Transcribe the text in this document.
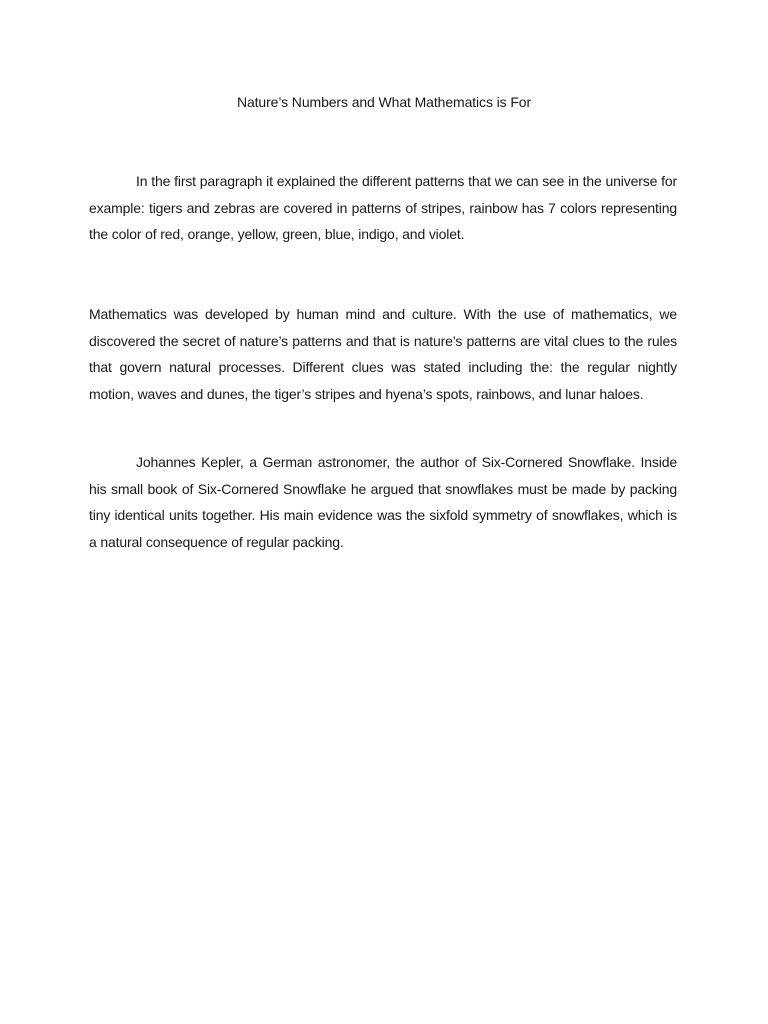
Nature’s Numbers and What Mathematics is For

In the first paragraph it explained the different patterns that we can see in the universe for example: tigers and zebras are covered in patterns of stripes, rainbow has 7 colors representing the color of red, orange, yellow, green, blue, indigo, and violet.

Mathematics was developed by human mind and culture. With the use of mathematics, we discovered the secret of nature’s patterns and that is nature’s patterns are vital clues to the rules that govern natural processes. Different clues was stated including the: the regular nightly motion, waves and dunes, the tiger’s stripes and hyena’s spots, rainbows, and lunar haloes.

Johannes Kepler, a German astronomer, the author of Six-Cornered Snowflake. Inside his small book of Six-Cornered Snowflake he argued that snowflakes must be made by packing tiny identical units together. His main evidence was the sixfold symmetry of snowflakes, which is a natural consequence of regular packing.
